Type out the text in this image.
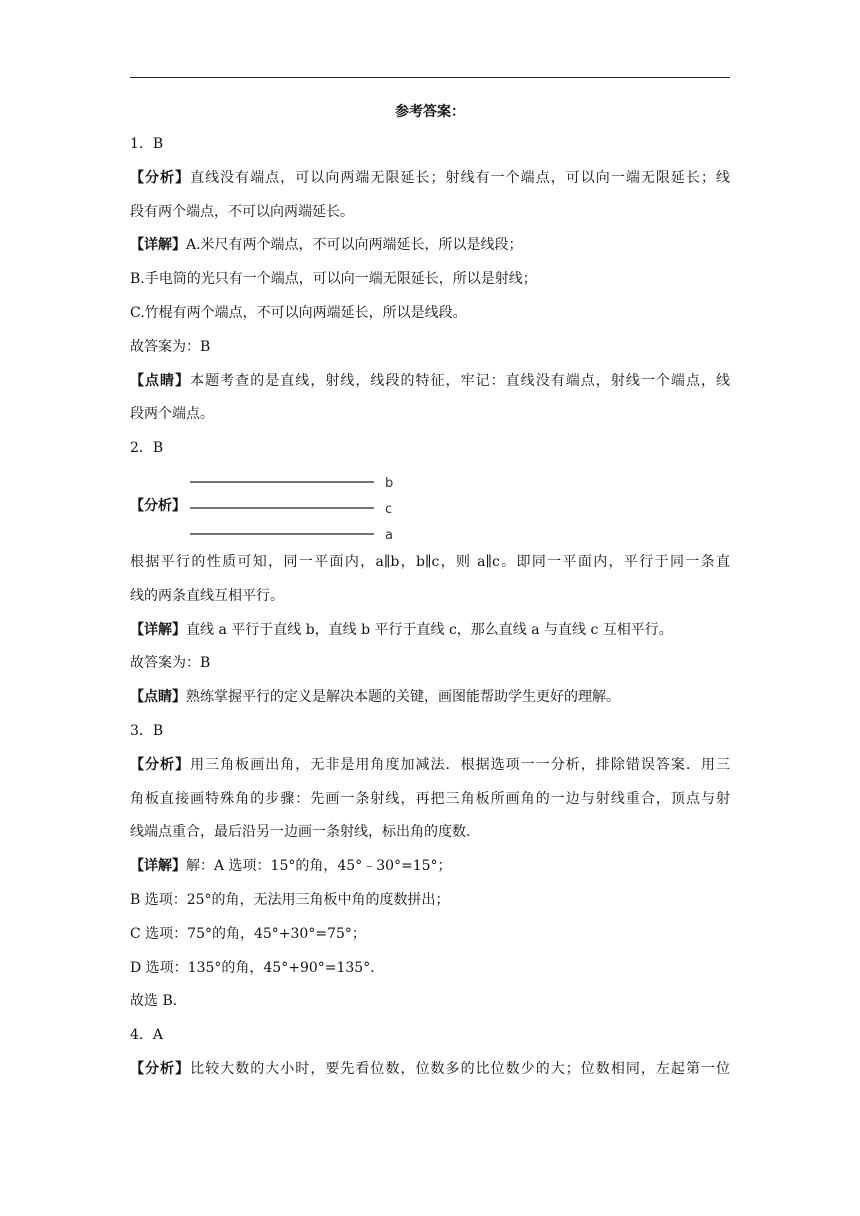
参考答案：
1．B
【分析】直线没有端点，可以向两端无限延长；射线有一个端点，可以向一端无限延长；线
段有两个端点，不可以向两端延长。
【详解】A.米尺有两个端点，不可以向两端延长，所以是线段；
B.手电筒的光只有一个端点，可以向一端无限延长，所以是射线；
C.竹棍有两个端点，不可以向两端延长，所以是线段。
故答案为：B
【点睛】本题考查的是直线，射线，线段的特征，牢记：直线没有端点，射线一个端点，线
段两个端点。
2．B
【分析】
b
c
a
根据平行的性质可知，同一平面内，a∥b，b∥c，则 a∥c。即同一平面内，平行于同一条直
线的两条直线互相平行。
【详解】直线 a 平行于直线 b，直线 b 平行于直线 c，那么直线 a 与直线 c 互相平行。
故答案为：B
【点睛】熟练掌握平行的定义是解决本题的关键，画图能帮助学生更好的理解。
3．B
【分析】用三角板画出角，无非是用角度加减法．根据选项一一分析，排除错误答案．用三
角板直接画特殊角的步骤：先画一条射线，再把三角板所画角的一边与射线重合，顶点与射
线端点重合，最后沿另一边画一条射线，标出角的度数．
【详解】解：A 选项：15°的角，45°﹣30°=15°；
B 选项：25°的角，无法用三角板中角的度数拼出；
C 选项：75°的角，45°+30°=75°；
D 选项：135°的角，45°+90°=135°．
故选 B．
4．A
【分析】比较大数的大小时，要先看位数，位数多的比位数少的大；位数相同，左起第一位
